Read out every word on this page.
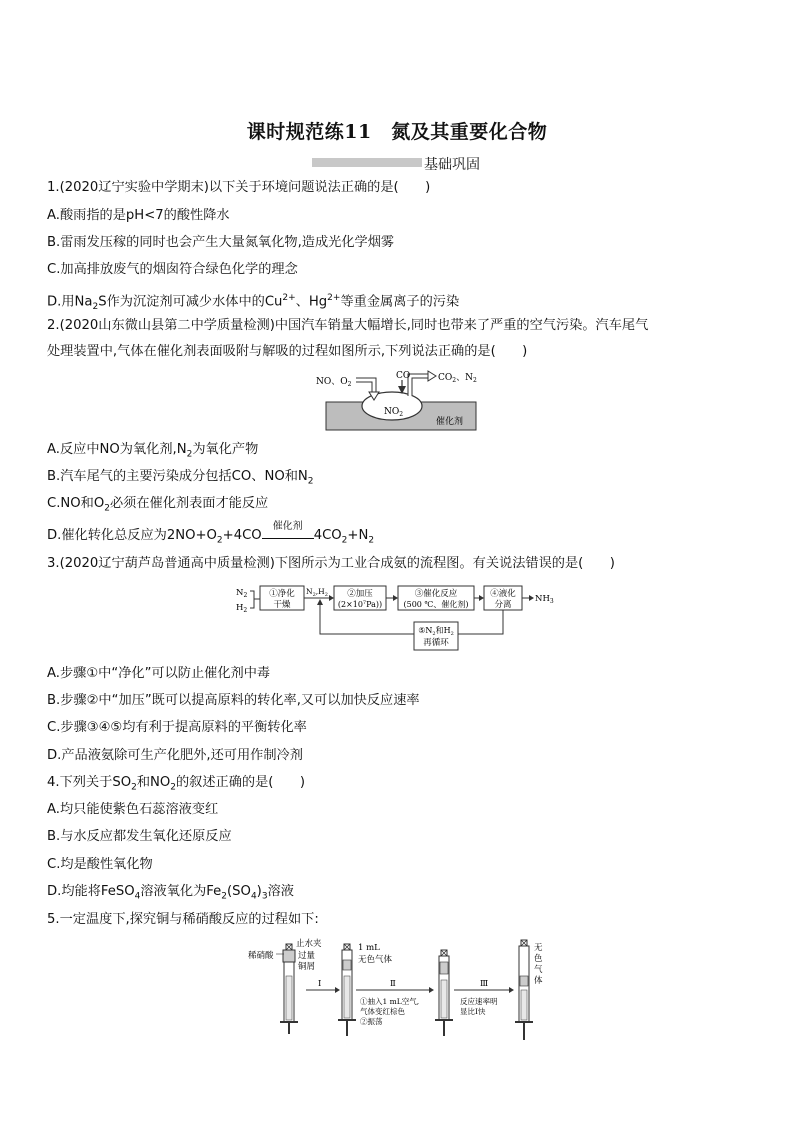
课时规范练11　氮及其重要化合物
基础巩固
1.(2020辽宁实验中学期末)以下关于环境问题说法正确的是(　　)
A.酸雨指的是pH<7的酸性降水
B.雷雨发压稼的同时也会产生大量氮氧化物,造成光化学烟雾
C.加高排放废气的烟囱符合绿色化学的理念
D.用$Na_2S$作为沉淀剂可减少水体中的$Cu^{2+}$、$Hg^{2+}$等重金属离子的污染
2.(2020山东微山县第二中学质量检测)中国汽车销量大幅增长,同时也带来了严重的空气污染。汽车尾气
处理装置中,气体在催化剂表面吸附与解吸的过程如图所示,下列说法正确的是(　　)
NO、$O_2$
CO	$CO_2$、$N_2$
$NO_2$
催化剂
A.反应中NO为氧化剂$,N_2$为氧化产物
B.汽车尾气的主要污染成分包括CO、NO和$N_2$
C.NO和$O_2$必须在催化剂表面才能反应
D.催化转化总反应为$2NO+O_2+4CO$
催化剂
$4CO_2+N_2$
3.(2020辽宁葫芦岛普通高中质量检测)下图所示为工业合成氨的流程图。有关说法错误的是(　　)
$N_2$
$H_2$
①净化
干燥
$N_2,H_2$ ②加压
$(2\times 10^7Pa)$)
③催化反应
(500 ℃、催化剂)
④液化
分离
$NH_3$
$⑤N_2$和$H_2$
再循环
A.步骤①中“净化”可以防止催化剂中毒
B.步骤②中“加压”既可以提高原料的转化率,又可以加快反应速率
C.步骤③④⑤均有利于提高原料的平衡转化率
D.产品液氨除可生产化肥外,还可用作制冷剂
4.下列关于$SO_2$和$NO_2$的叙述正确的是(　　)
A.均只能使紫色石蕊溶液变红
B.与水反应都发生氧化还原反应
C.均是酸性氧化物
D.均能将FeSO$_4$溶液氧化为$Fe_2(SO_4)_3$溶液
5.一定温度下,探究铜与稀硝酸反应的过程如下:
稀硝酸
止水夹
过量
铜屑
Ⅰ
1 mL
无色气体
Ⅱ
①抽入1 mL空气,
气体变红棕色
②振荡
Ⅲ
反应速率明
显比Ⅰ快
无
色
气
体
